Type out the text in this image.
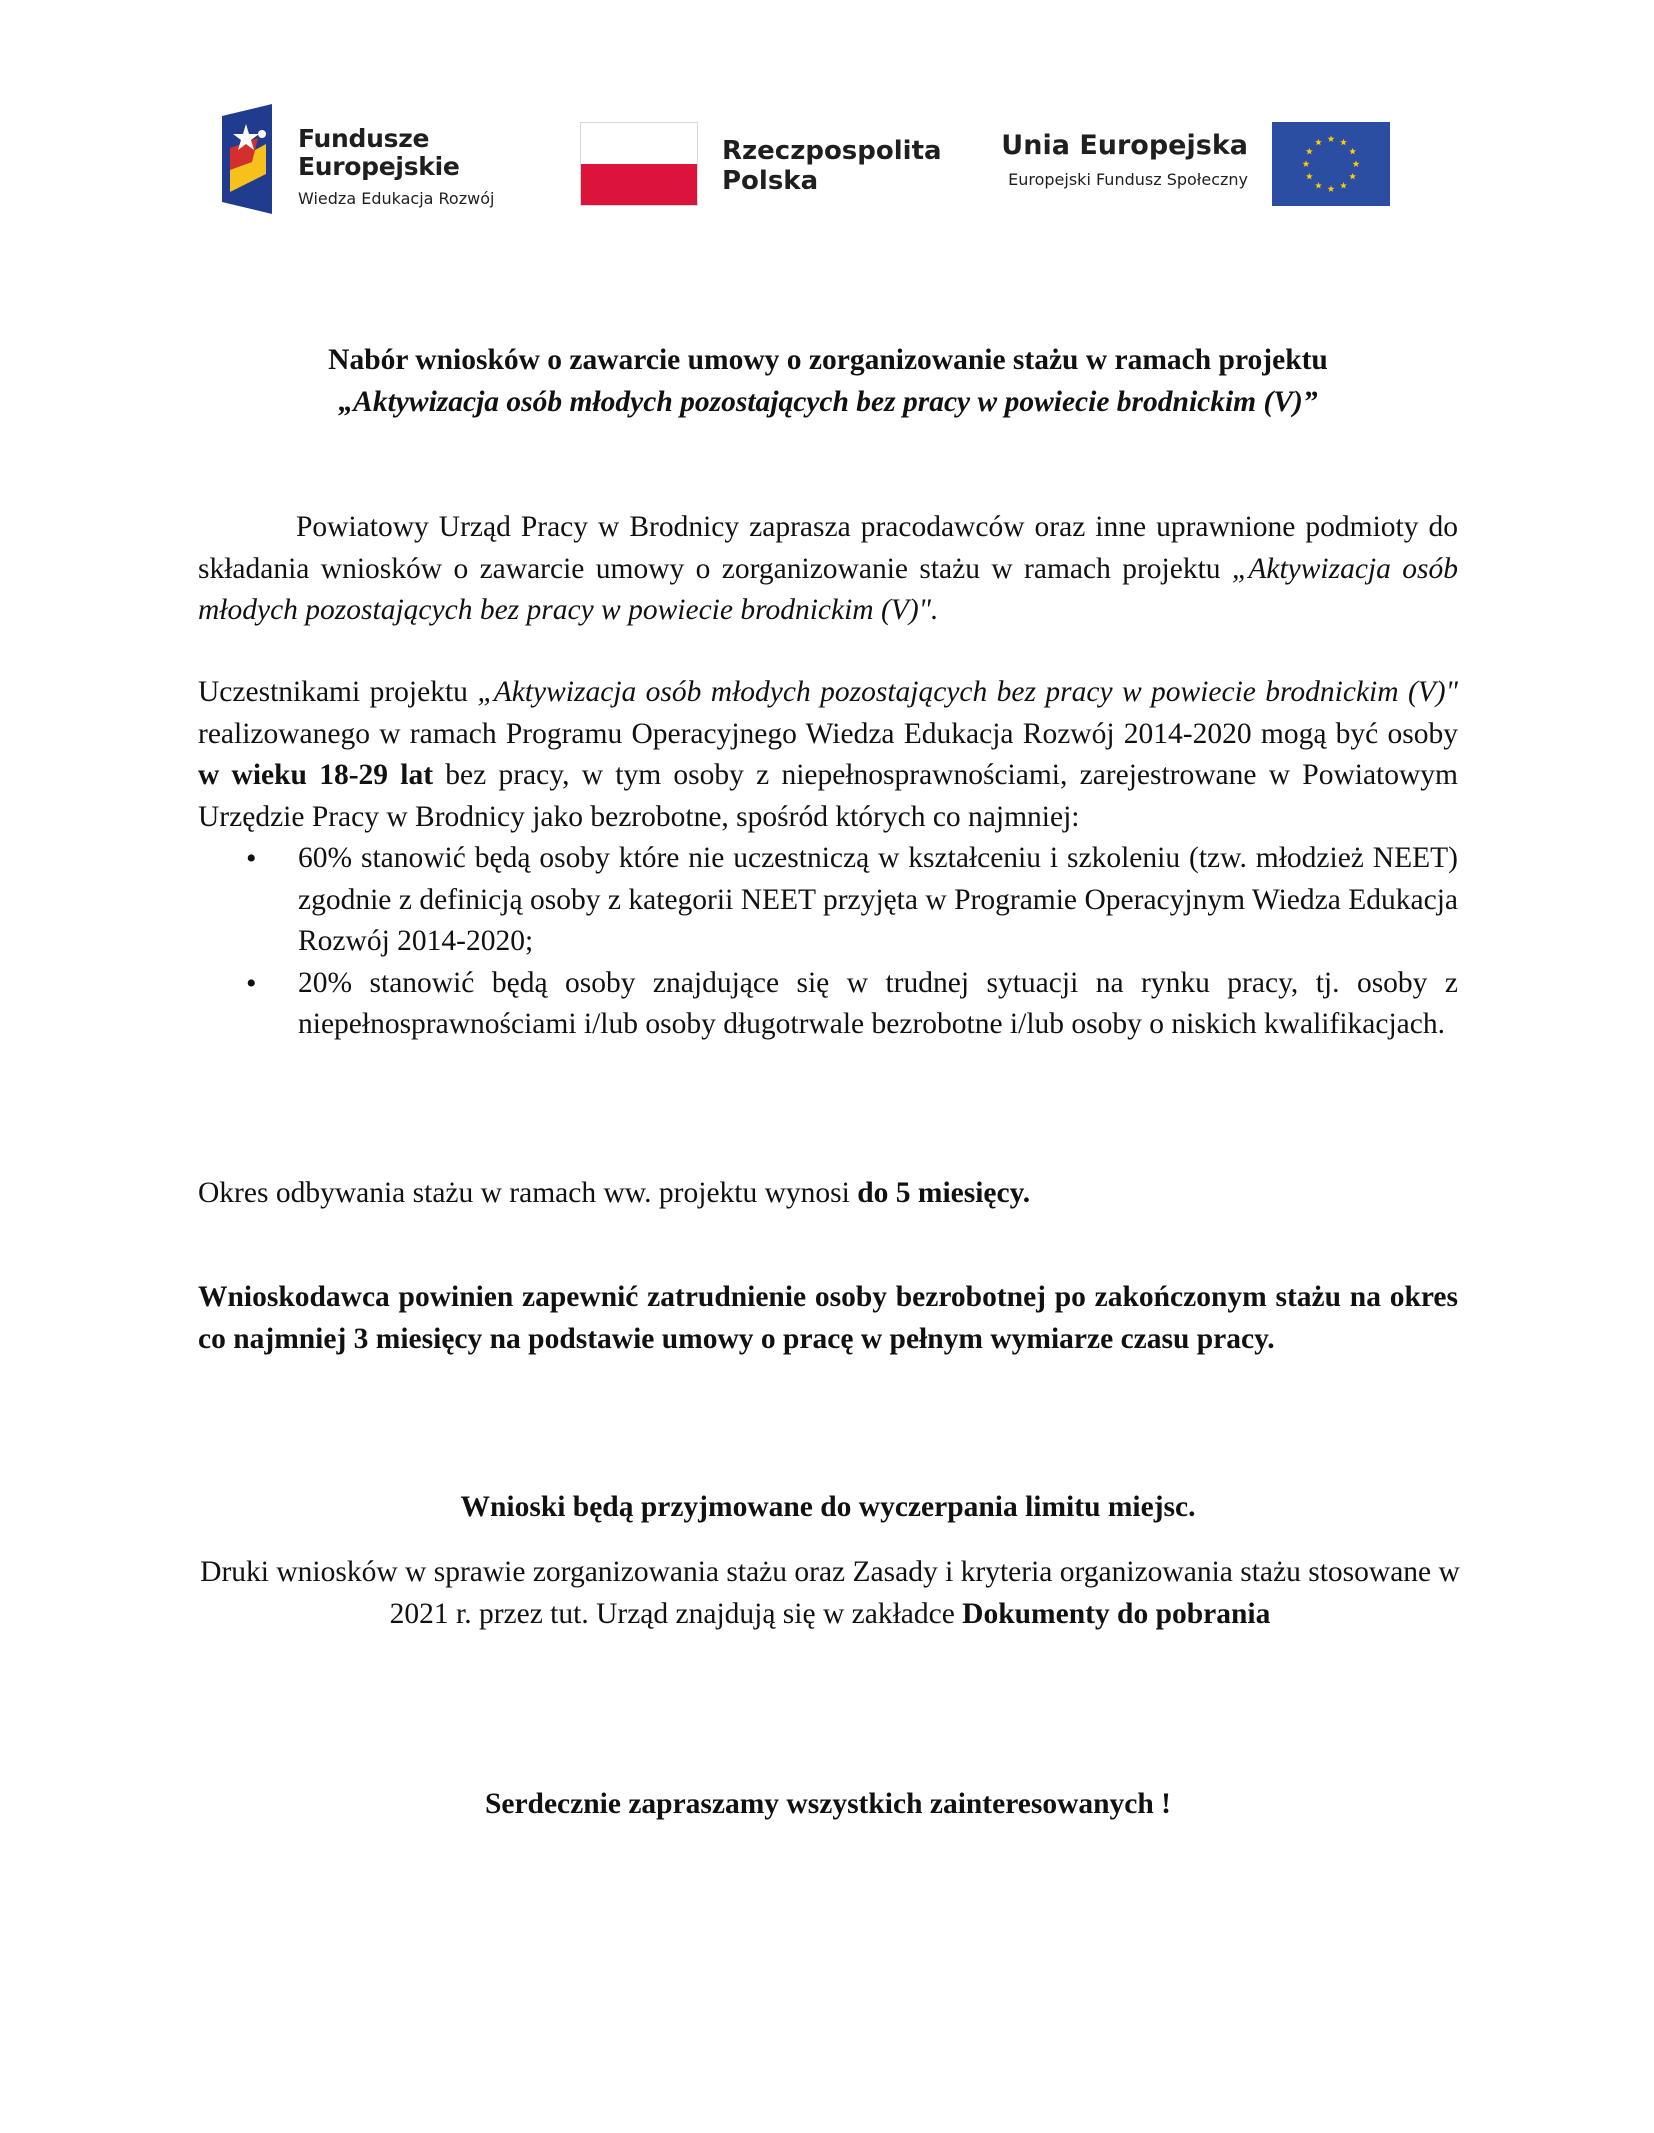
Fundusze
Europejskie
Wiedza Edukacja Rozwój
Rzeczpospolita
Polska
Unia Europejska
Europejski Fundusz Społeczny
Nabór wniosków o zawarcie umowy o zorganizowanie stażu w ramach projektu
„Aktywizacja osób młodych pozostających bez pracy w powiecie brodnickim (V)”
Powiatowy Urząd Pracy w Brodnicy zaprasza pracodawców oraz inne uprawnione podmioty do składania wniosków o zawarcie umowy o zorganizowanie stażu w ramach projektu „Aktywizacja osób młodych pozostających bez pracy w powiecie brodnickim (V)".
Uczestnikami projektu „Aktywizacja osób młodych pozostających bez pracy w powiecie brodnickim (V)" realizowanego w ramach Programu Operacyjnego Wiedza Edukacja Rozwój 2014-2020 mogą być osoby w wieku 18-29 lat bez pracy, w tym osoby z niepełnosprawnościami, zarejestrowane w Powiatowym Urzędzie Pracy w Brodnicy jako bezrobotne, spośród których co najmniej:
• 60% stanowić będą osoby które nie uczestniczą w kształceniu i szkoleniu (tzw. młodzież NEET) zgodnie z definicją osoby z kategorii NEET przyjęta w Programie Operacyjnym Wiedza Edukacja Rozwój 2014-2020;
• 20% stanowić będą osoby znajdujące się w trudnej sytuacji na rynku pracy, tj. osoby z niepełnosprawnościami i/lub osoby długotrwale bezrobotne i/lub osoby o niskich kwalifikacjach.
Okres odbywania stażu w ramach ww. projektu wynosi do 5 miesięcy.
Wnioskodawca powinien zapewnić zatrudnienie osoby bezrobotnej po zakończonym stażu na okres co najmniej 3 miesięcy na podstawie umowy o pracę w pełnym wymiarze czasu pracy.
Wnioski będą przyjmowane do wyczerpania limitu miejsc.
Druki wniosków w sprawie zorganizowania stażu oraz Zasady i kryteria organizowania stażu stosowane w 2021 r. przez tut. Urząd znajdują się w zakładce Dokumenty do pobrania
Serdecznie zapraszamy wszystkich zainteresowanych !
